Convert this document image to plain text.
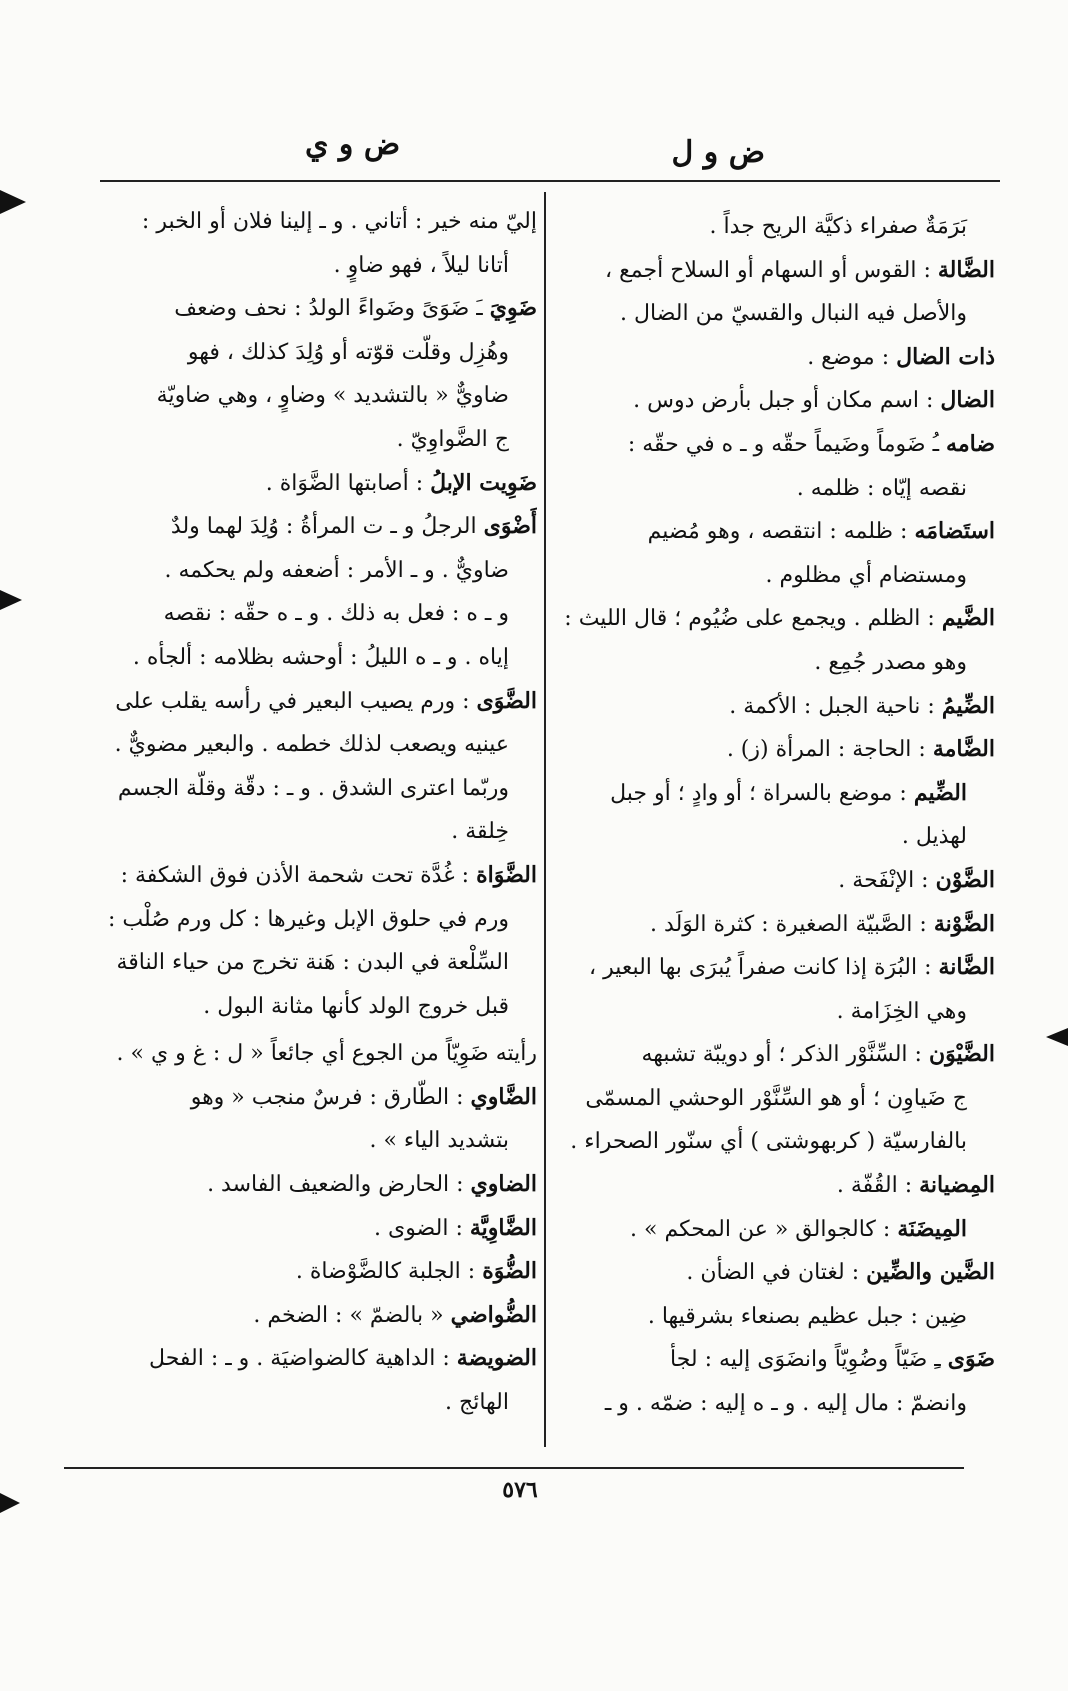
ض و ل
ض و ي
بَرَمَةٌ صفراء ذكيَّة الريح جداً .
الضَّالة : القوس أو السهام أو السلاح أجمع ،
والأصل فيه النبال والقسيّ من الضال .
ذات الضال : موضع .
الضال : اسم مكان أو جبل بأرض دوس .
ضامه ـُ ضَوماً وضَيماً حقّه و ـ ه في حقّه :
نقصه إيّاه : ظلمه .
استَضامَه : ظلمه : انتقصه ، وهو مُضيم
ومستضام أي مظلوم .
الضَّيم : الظلم . ويجمع على ضُيُوم ؛ قال الليث :
وهو مصدر جُمِع .
الضِّيمُ : ناحية الجبل : الأكمة .
الضَّامة : الحاجة : المرأة (ز) .
الضِّيم : موضع بالسراة ؛ أو وادٍ ؛ أو جبل
لهذيل .
الضَّوْن : الإنْفَحة .
الضَّوْنة : الصَّبيّة الصغيرة : كثرة الوَلَد .
الضَّانة : البُرَة إذا كانت صفراً يُبرَى بها البعير ،
وهي الخِزَامة .
الضَّيْوَن : السِّنَّوْر الذكر ؛ أو دويبّة تشبهه
ج ضَياوِن ؛ أو هو السِّنَّوْر الوحشي المسمّى
بالفارسيّة ( كربهوشتى ) أي سنّور الصحراء .
المِضيانة : القُفّة .
المِيضَنَة : كالجوالق « عن المحكم » .
الضَّين والضِّين : لغتان في الضأن .
ضِين : جبل عظيم بصنعاء بشرقيها .
ضَوَى ـِ ضَيّاً وضُوِيّاً وانضَوَى إليه : لجأ
وانضمّ : مال إليه . و ـ ه إليه : ضمّه . و ـ
إليّ منه خير : أتاني . و ـ إلينا فلان أو الخبر :
أتانا ليلاً ، فهو ضاوٍ .
ضَوِيَ ـَ ضَوَىً وضَواءً الولدُ : نحف وضعف
وهُزِل وقلّت قوّته أو وُلِدَ كذلك ، فهو
ضاويٌّ « بالتشديد » وضاوٍ ، وهي ضاويّة
ج الضَّواوِيّ .
ضَوِيت الإبلُ : أصابتها الضَّوَاة .
أَضْوَى الرجلُ و ـ ت المرأةُ : وُلِدَ لهما ولدٌ
ضاويٌّ . و ـ الأمر : أضعفه ولم يحكمه .
و ـ ه : فعل به ذلك . و ـ ه حقّه : نقصه
إياه . و ـ ه الليلُ : أوحشه بظلامه : ألجأه .
الضَّوَى : ورم يصيب البعير في رأسه يقلب على
عينيه ويصعب لذلك خطمه . والبعير مضويٌّ .
وربّما اعترى الشدق . و ـ : دقّة وقلّة الجسم
خِلقة .
الضَّوَاة : غُدَّة تحت شحمة الأذن فوق الشكفة :
ورم في حلوق الإبل وغيرها : كل ورم صُلْب :
السِّلْعة في البدن : هَنة تخرج من حياء الناقة
قبل خروج الولد كأنها مثانة البول .
رأيته ضَوِيّاً من الجوع أي جائعاً « ل : غ و ي » .
الضَّاوي : الطّارق : فرسٌ منجب « وهو
بتشديد الياء » .
الضاوي : الحارض والضعيف الفاسد .
الضَّاوِيَّة : الضوى .
الضُّوَة : الجلبة كالضَّوْضاة .
الضُّواضي « بالضمّ » : الضخم .
الضويضة : الداهية كالضواضيَة . و ـ : الفحل
الهائج .
٥٧٦
